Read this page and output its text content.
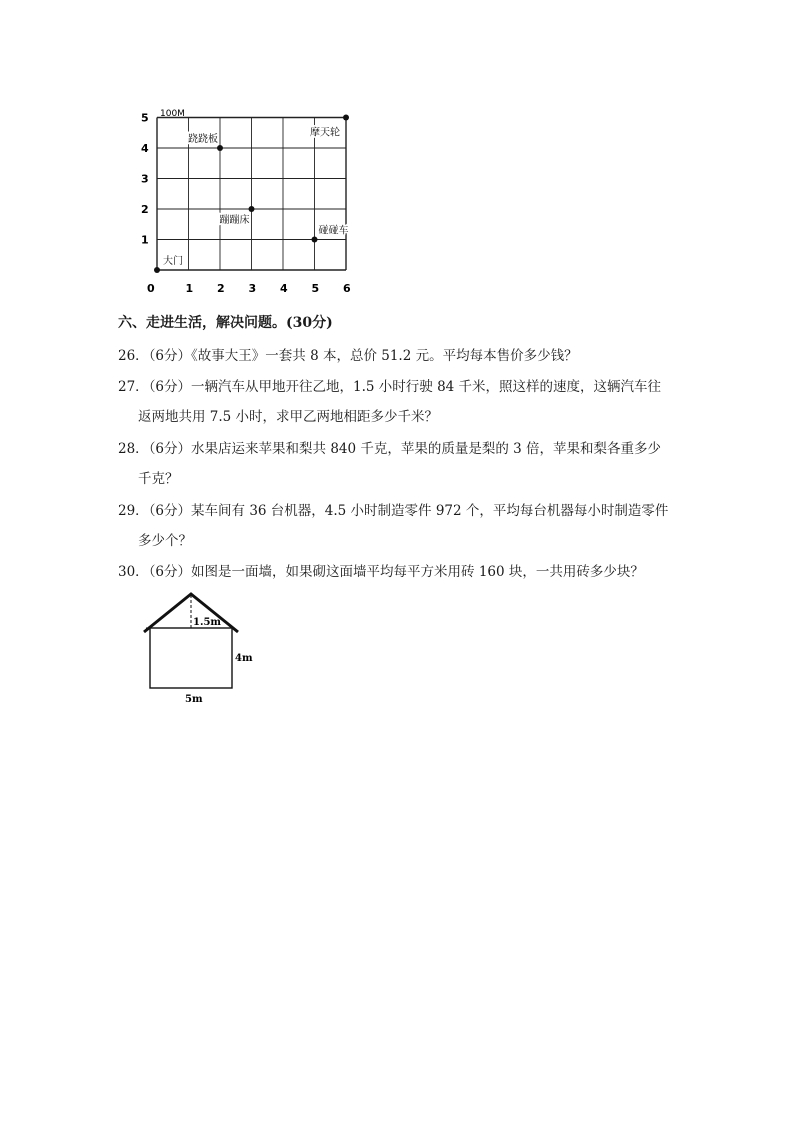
100M
0	1 2 3 4 5 6
1
2
3
4
5
大门
跷跷板
摩天轮
蹦蹦床
碰碰车
六、走进生活，解决问题。(30分)
26．（6分）《故事大王》一套共 8 本，总价 51.2 元。平均每本售价多少钱？
27．（6分）一辆汽车从甲地开往乙地，1.5 小时行驶 84 千米，照这样的速度，这辆汽车往
返两地共用 7.5 小时，求甲乙两地相距多少千米？
28．（6分）水果店运来苹果和梨共 840 千克，苹果的质量是梨的 3 倍，苹果和梨各重多少
千克？
29．（6分）某车间有 36 台机器，4.5 小时制造零件 972 个，平均每台机器每小时制造零件
多少个？
30．（6分）如图是一面墙，如果砌这面墙平均每平方米用砖 160 块，一共用砖多少块？
1.5m
4m
5m
